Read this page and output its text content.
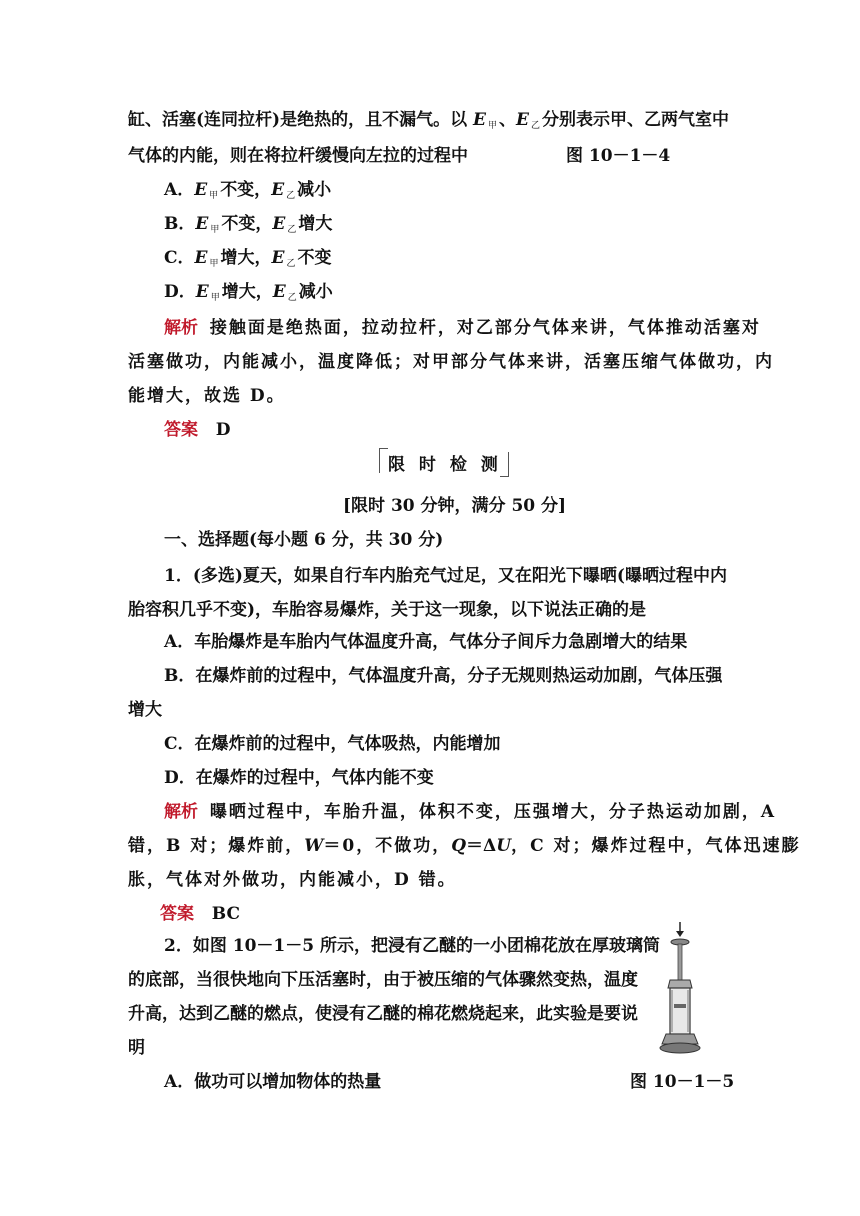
缸、活塞(连同拉杆)是绝热的，且不漏气。以 E $_甲$ 、E $_乙$ 分别表示甲、乙两气室中
气体的内能，则在将拉杆缓慢向左拉的过程中	图 10－1－4
A．E $_甲$ 不变，E $_乙$ 减小
B．E $_甲$ 不变，E $_乙$ 增大
C．E $_甲$ 增大，E $_乙$ 不变
D．E $_甲$ 增大，E $_乙$ 减小
解析 接触面是绝热面，拉动拉杆，对乙部分气体来讲，气体推动活塞对
活塞做功，内能减小，温度降低；对甲部分气体来讲，活塞压缩气体做功，内
能增大，故选 D。
答案 D
限 时 检 测
[限时 30 分钟，满分 50 分]
一、选择题(每小题 6 分，共 30 分)
1．(多选)夏天，如果自行车内胎充气过足，又在阳光下曝晒(曝晒过程中内
胎容积几乎不变)，车胎容易爆炸，关于这一现象，以下说法正确的是
A．车胎爆炸是车胎内气体温度升高，气体分子间斥力急剧增大的结果
B．在爆炸前的过程中，气体温度升高，分子无规则热运动加剧，气体压强
增大
C．在爆炸前的过程中，气体吸热，内能增加
D．在爆炸的过程中，气体内能不变
解析 曝晒过程中，车胎升温，体积不变，压强增大，分子热运动加剧，A
错，B 对；爆炸前，W＝0，不做功，Q＝ΔU，C 对；爆炸过程中，气体迅速膨
胀，气体对外做功，内能减小，D 错。
答案 BC
2．如图 10－1－5 所示，把浸有乙醚的一小团棉花放在厚玻璃筒
的底部，当很快地向下压活塞时，由于被压缩的气体骤然变热，温度
升高，达到乙醚的燃点，使浸有乙醚的棉花燃烧起来，此实验是要说
明
A．做功可以增加物体的热量	图 10－1－5
